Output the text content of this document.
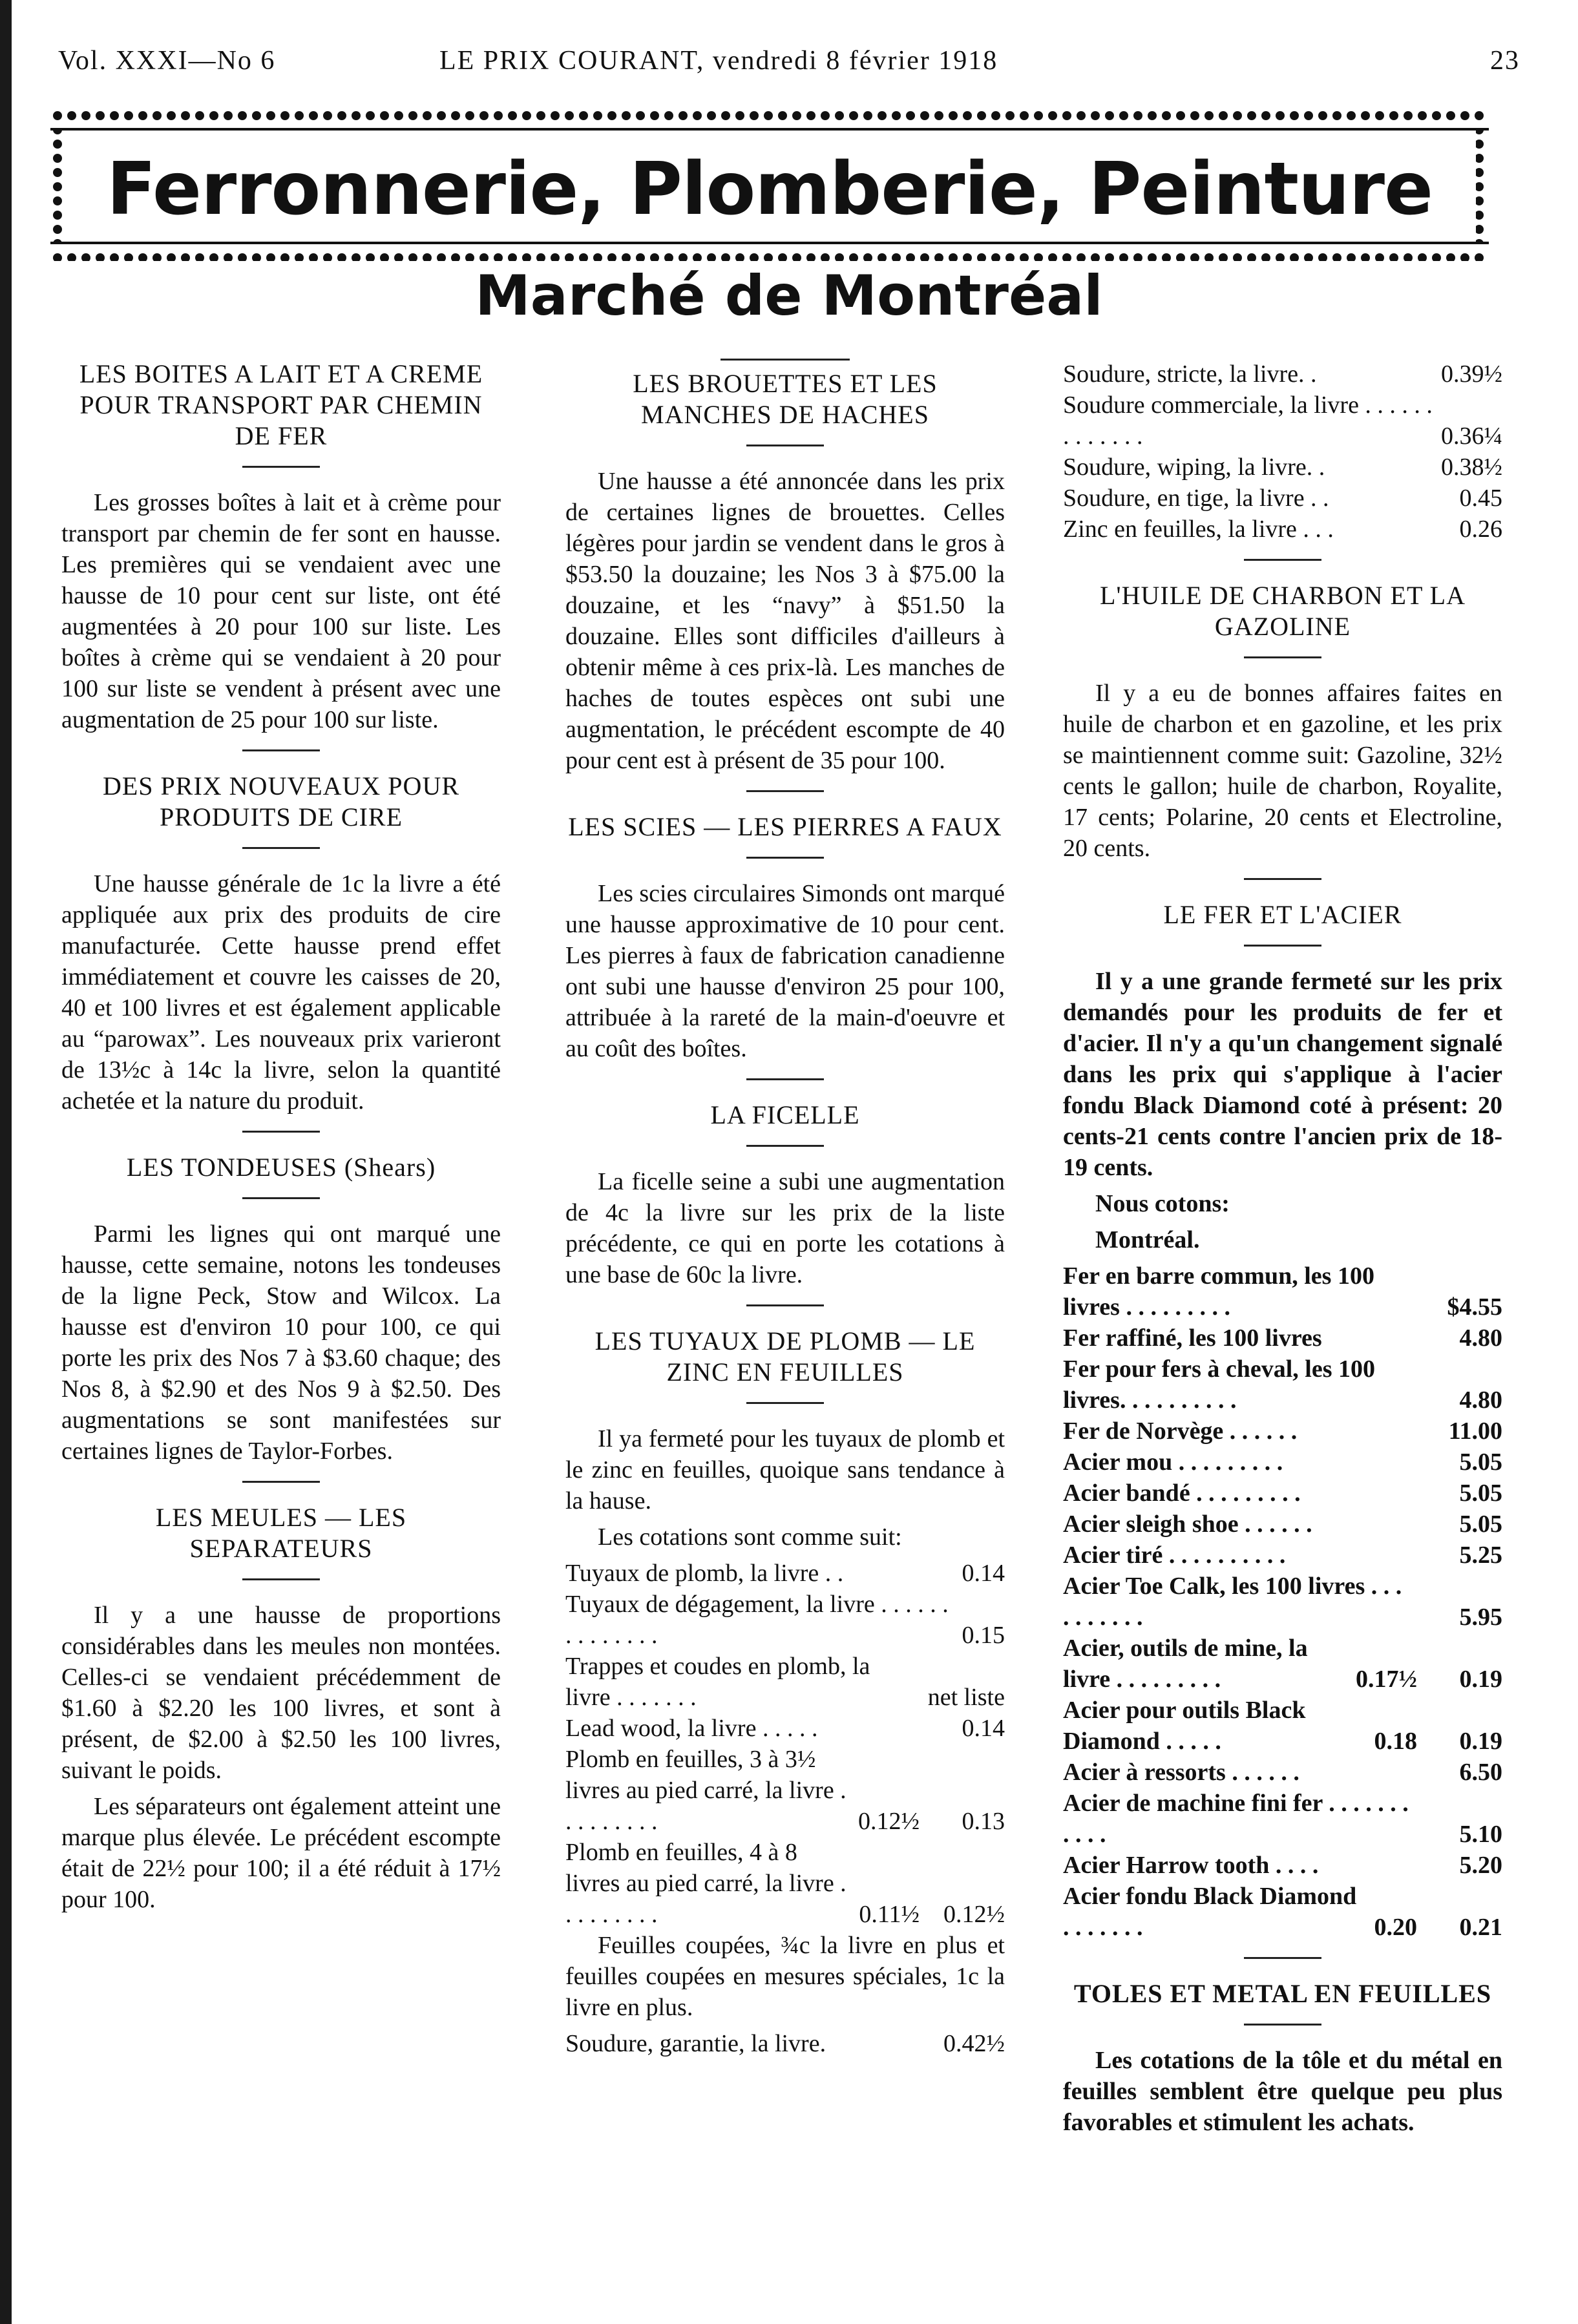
Vol. XXXI—No 6	LE PRIX COURANT, vendredi 8 février 1918	23
Ferronnerie, Plomberie, Peinture
Marché de Montréal
LES BOITES A LAIT ET A CREME POUR TRANSPORT PAR CHEMIN DE FER

Les grosses boîtes à lait et à crème pour transport par chemin de fer sont en hausse. Les premières qui se vendaient avec une hausse de 10 pour cent sur liste, ont été augmentées à 20 pour 100 sur liste. Les boîtes à crème qui se vendaient à 20 pour 100 sur liste se vendent à présent avec une augmentation de 25 pour 100 sur liste.

DES PRIX NOUVEAUX POUR PRODUITS DE CIRE

Une hausse générale de 1c la livre a été appliquée aux prix des produits de cire manufacturée. Cette hausse prend effet immédiatement et couvre les caisses de 20, 40 et 100 livres et est également applicable au “parowax”. Les nouveaux prix varieront de 13½c à 14c la livre, selon la quantité achetée et la nature du produit.

LES TONDEUSES (Shears)

Parmi les lignes qui ont marqué une hausse, cette semaine, notons les tondeuses de la ligne Peck, Stow and Wilcox. La hausse est d'environ 10 pour 100, ce qui porte les prix des Nos 7 à $3.60 chaque; des Nos 8, à $2.90 et des Nos 9 à $2.50. Des augmentations se sont manifestées sur certaines lignes de Taylor-Forbes.

LES MEULES — LES SEPARATEURS

Il y a une hausse de proportions considérables dans les meules non montées. Celles-ci se vendaient précédemment de $1.60 à $2.20 les 100 livres, et sont à présent, de $2.00 à $2.50 les 100 livres, suivant le poids.

Les séparateurs ont également atteint une marque plus élevée. Le précédent escompte était de 22½ pour 100; il a été réduit à 17½ pour 100.

LES BROUETTES ET LES MANCHES DE HACHES

Une hausse a été annoncée dans les prix de certaines lignes de brouettes. Celles légères pour jardin se vendent dans le gros à $53.50 la douzaine; les Nos 3 à $75.00 la douzaine, et les “navy” à $51.50 la douzaine. Elles sont difficiles d'ailleurs à obtenir même à ces prix-là. Les manches de haches de toutes espèces ont subi une augmentation, le précédent escompte de 40 pour cent est à présent de 35 pour 100.

LES SCIES — LES PIERRES A FAUX

Les scies circulaires Simonds ont marqué une hausse approximative de 10 pour cent. Les pierres à faux de fabrication canadienne ont subi une hausse d'environ 25 pour 100, attribuée à la rareté de la main-d'oeuvre et au coût des boîtes.

LA FICELLE

La ficelle seine a subi une augmentation de 4c la livre sur les prix de la liste précédente, ce qui en porte les cotations à une base de 60c la livre.

LES TUYAUX DE PLOMB — LE ZINC EN FEUILLES

Il ya fermeté pour les tuyaux de plomb et le zinc en feuilles, quoique sans tendance à la hause.

Les cotations sont comme suit:

Tuyaux de plomb, la livre . .	0.14
Tuyaux de dégagement, la livre . . . . . . . . . . . . . .	0.15
Trappes et coudes en plomb, la livre . . . . . . .	net liste
Lead wood, la livre . . . . .	0.14
Plomb en feuilles, 3 à 3½ livres au pied carré, la livre . . . . . . . . .	0.12½	0.13
Plomb en feuilles, 4 à 8 livres au pied carré, la livre . . . . . . . . .	0.11½ 0.12½

Feuilles coupées, ¾c la livre en plus et feuilles coupées en mesures spéciales, 1c la livre en plus.

Soudure, garantie, la livre.	0.42½
Soudure, stricte, la livre. .	0.39½
Soudure commerciale, la livre . . . . . . . . . . . . .	0.36¼
Soudure, wiping, la livre. .	0.38½
Soudure, en tige, la livre . .	0.45
Zinc en feuilles, la livre . . .	0.26
L'HUILE DE CHARBON ET LA GAZOLINE

Il y a eu de bonnes affaires faites en huile de charbon et en gazoline, et les prix se maintiennent comme suit: Gazoline, 32½ cents le gallon; huile de charbon, Royalite, 17 cents; Polarine, 20 cents et Electroline, 20 cents.

LE FER ET L'ACIER

Il y a une grande fermeté sur les prix demandés pour les produits de fer et d'acier. Il n'y a qu'un changement signalé dans les prix qui s'applique à l'acier fondu Black Diamond coté à présent: 20 cents-21 cents contre l'ancien prix de 18-19 cents.

Nous cotons:

Montréal.

Fer en barre commun, les 100 livres . . . . . . . . .	$4.55
Fer raffiné, les 100 livres	4.80
Fer pour fers à cheval, les 100 livres. . . . . . . . . .	4.80
Fer de Norvège . . . . . .	11.00
Acier mou . . . . . . . . .	5.05
Acier bandé . . . . . . . . .	5.05
Acier sleigh shoe . . . . . .	5.05
Acier tiré . . . . . . . . . .	5.25
Acier Toe Calk, les 100 livres . . . . . . . . . .	5.95
Acier, outils de mine, la livre . . . . . . . . .	0.17½	0.19
Acier pour outils Black Diamond . . . . .	0.18	0.19
Acier à ressorts . . . . . .	6.50
Acier de machine fini fer . . . . . . . . . . .	5.10
Acier Harrow tooth . . . .	5.20
Acier fondu Black Diamond . . . . . . .	0.20	0.21
TOLES ET METAL EN FEUILLES

Les cotations de la tôle et du métal en feuilles semblent être quelque peu plus favorables et stimulent les achats.
